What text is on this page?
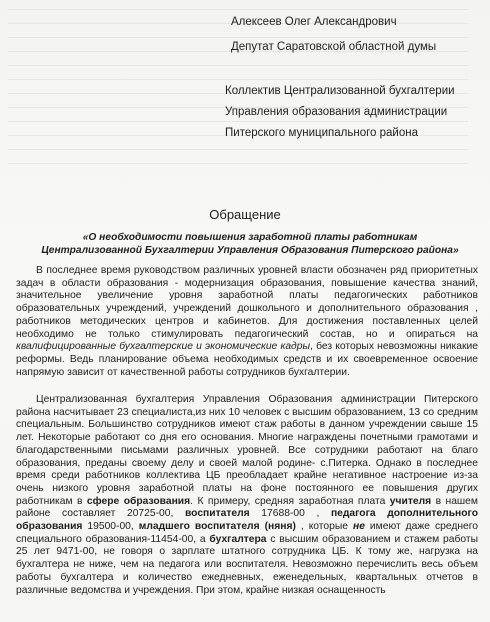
Алексеев Олег Александрович
Депутат Саратовской областной думы
Коллектив Централизованной бухгалтерии
Управления образования администрации
Питерского муниципального района
Обращение
«О необходимости повышения заработной платы работникам
Централизованной Бухгалтерии Управления Образования Питерского района»

В последнее время руководством различных уровней власти обозначен ряд приоритетных задач в области образования - модернизация образования, повышение качества знаний, значительное увеличение уровня заработной платы педагогических работников образовательных учреждений, учреждений дошкольного и дополнительного образования , работников методических центров и кабинетов. Для достижения поставленных целей необходимо не только стимулировать педагогический состав, но и опираться на квалифицированные бухгалтерские и экономические кадры, без которых невозможны никакие реформы. Ведь планирование объема необходимых средств и их своевременное освоение напрямую зависит от качественной работы сотрудников бухгалтерии.

Централизованная бухгалтерия Управления Образования администрации Питерского района насчитывает 23 специалиста,из них 10 человек с высшим образованием, 13 со средним специальным. Большинство сотрудников имеют стаж работы в данном учреждении свыше 15 лет. Некоторые работают со дня его основания. Многие награждены почетными грамотами и благодарственными письмами различных уровней. Все сотрудники работают на благо образования, преданы своему делу и своей малой родине- с.Питерка. Однако в последнее время среди работников коллектива ЦБ преобладает крайне негативное настроение из-за очень низкого уровня заработной платы на фоне постоянного ее повышения других работникам в сфере образования. К примеру, средняя заработная плата учителя в нашем районе составляет 20725-00, воспитателя 17688-00 , педагога дополнительного образования 19500-00, младшего воспитателя (няня) , которые не имеют даже среднего специального образования-11454-00, а бухгалтера с высшим образованием и стажем работы 25 лет 9471-00, не говоря о зарплате штатного сотрудника ЦБ. К тому же, нагрузка на бухгалтера не ниже, чем на педагога или воспитателя. Невозможно перечислить весь объем работы бухгалтера и количество ежедневных, еженедельных, квартальных отчетов в различные ведомства и учреждения. При этом, крайне низкая оснащенность
